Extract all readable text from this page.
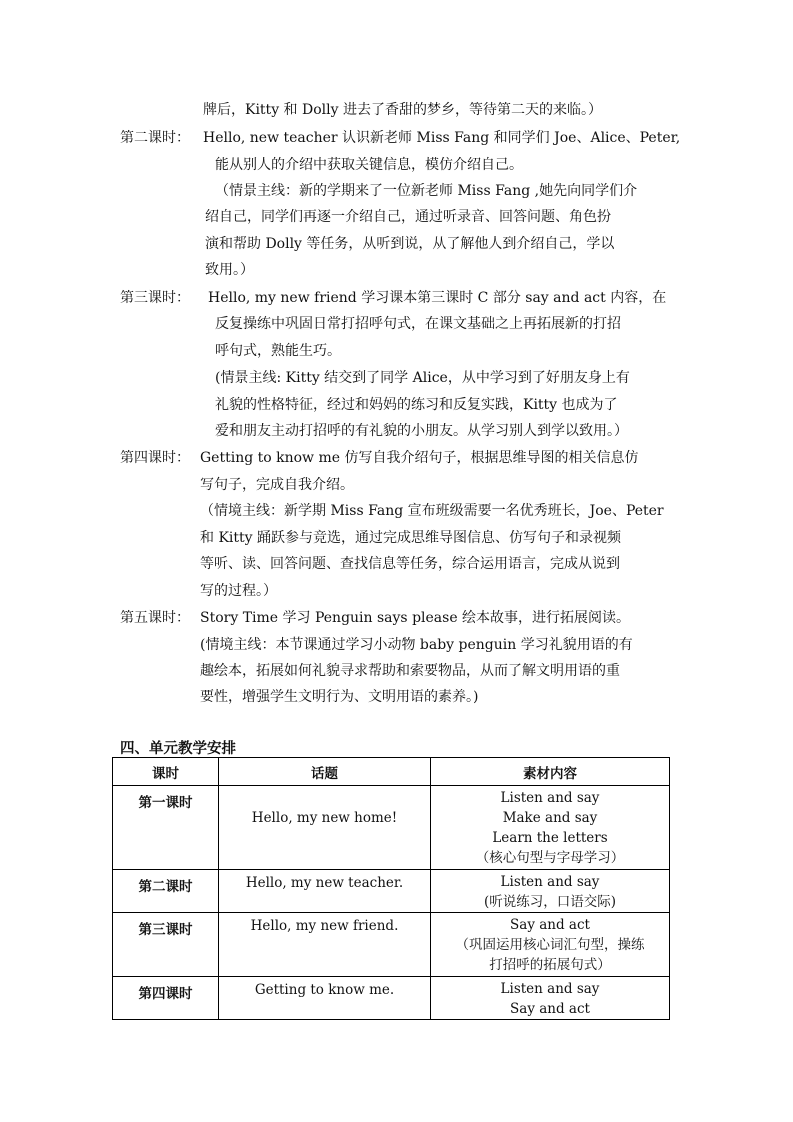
牌后，Kitty 和 Dolly 进去了香甜的梦乡，等待第二天的来临。）
第二课时： Hello, new teacher 认识新老师 Miss Fang 和同学们 Joe、Alice、Peter,
能从别人的介绍中获取关键信息，模仿介绍自己。
（情景主线：新的学期来了一位新老师 Miss Fang ,她先向同学们介
绍自己，同学们再逐一介绍自己，通过听录音、回答问题、角色扮
演和帮助 Dolly 等任务，从听到说，从了解他人到介绍自己，学以
致用。）
第三课时： Hello, my new friend 学习课本第三课时 C 部分 say and act 内容，在
反复操练中巩固日常打招呼句式，在课文基础之上再拓展新的打招
呼句式，熟能生巧。
(情景主线: Kitty 结交到了同学 Alice，从中学习到了好朋友身上有
礼貌的性格特征，经过和妈妈的练习和反复实践，Kitty 也成为了
爱和朋友主动打招呼的有礼貌的小朋友。从学习别人到学以致用。）
第四课时： Getting to know me 仿写自我介绍句子，根据思维导图的相关信息仿
写句子，完成自我介绍。
（情境主线：新学期 Miss Fang 宣布班级需要一名优秀班长，Joe、Peter
和 Kitty 踊跃参与竞选，通过完成思维导图信息、仿写句子和录视频
等听、读、回答问题、查找信息等任务，综合运用语言，完成从说到
写的过程。）
第五课时： Story Time 学习 Penguin says please 绘本故事，进行拓展阅读。
(情境主线：本节课通过学习小动物 baby penguin 学习礼貌用语的有
趣绘本，拓展如何礼貌寻求帮助和索要物品，从而了解文明用语的重
要性，增强学生文明行为、文明用语的素养。)
四、单元教学安排
课时	话题	素材内容

第一课时	Hello, my new home!	Listen and say
Make and say
Learn the letters
（核心句型与字母学习）

第二课时	Hello, my new teacher.	Listen and say
(听说练习，口语交际)

第三课时	Hello, my new friend.	Say and act
（巩固运用核心词汇句型，操练
打招呼的拓展句式）

第四课时	Getting to know me.	Listen and say
Say and act
